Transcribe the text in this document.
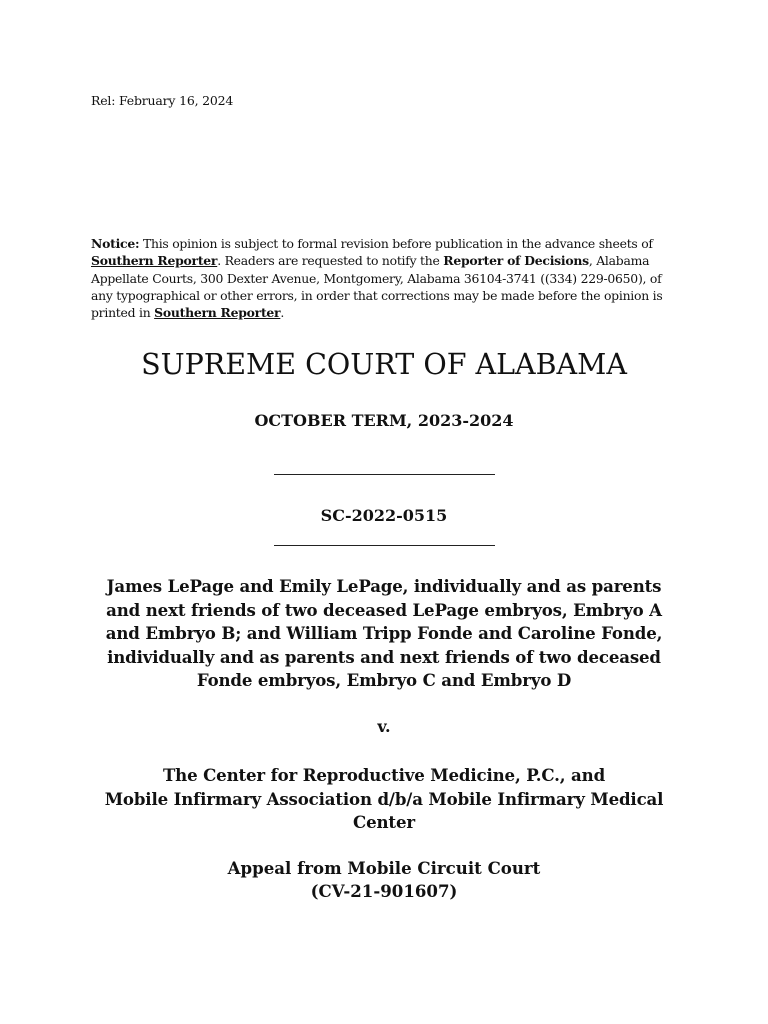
Rel: February 16, 2024
Notice: This opinion is subject to formal revision before publication in the advance sheets of Southern Reporter. Readers are requested to notify the Reporter of Decisions, Alabama Appellate Courts, 300 Dexter Avenue, Montgomery, Alabama 36104-3741 ((334) 229-0650), of any typographical or other errors, in order that corrections may be made before the opinion is printed in Southern Reporter.
SUPREME COURT OF ALABAMA
OCTOBER TERM, 2023-2024
SC-2022-0515
James LePage and Emily LePage, individually and as parents
and next friends of two deceased LePage embryos, Embryo A
and Embryo B; and William Tripp Fonde and Caroline Fonde,
individually and as parents and next friends of two deceased
Fonde embryos, Embryo C and Embryo D
v.
The Center for Reproductive Medicine, P.C., and
Mobile Infirmary Association d/b/a Mobile Infirmary Medical
Center
Appeal from Mobile Circuit Court
(CV-21-901607)
